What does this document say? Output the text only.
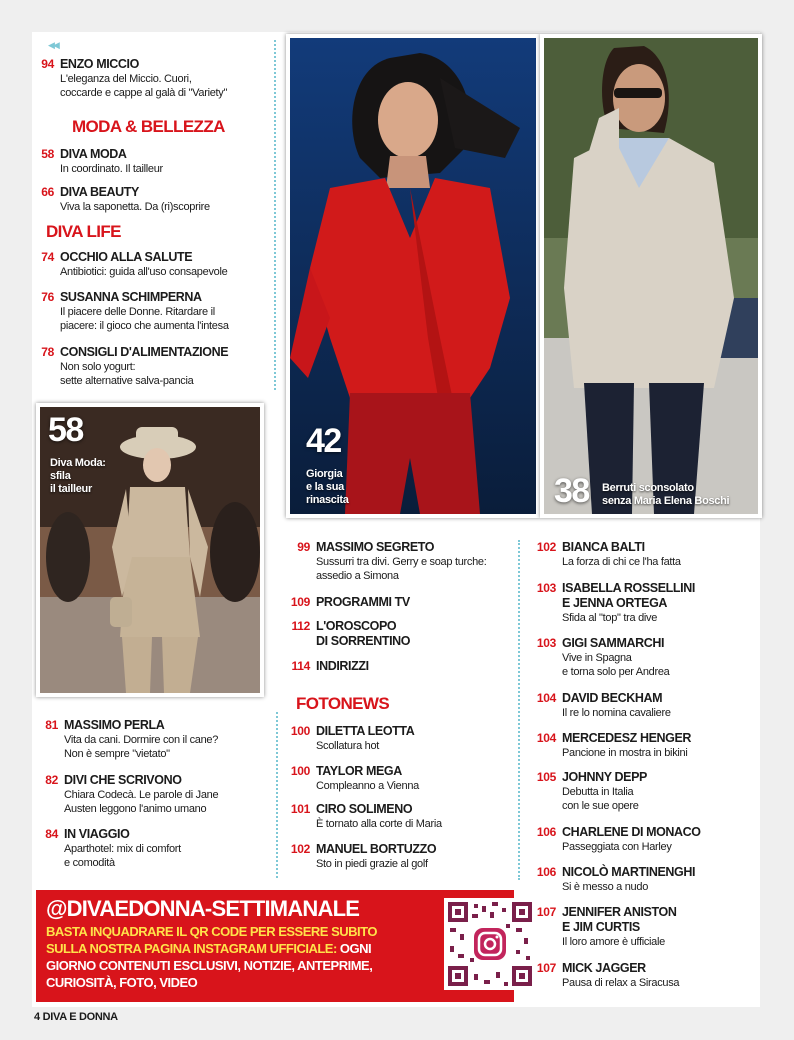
◀◀
94 ENZO MICCIO
L'eleganza del Miccio. Cuori,
coccarde e cappe al galà di "Variety"
MODA & BELLEZZA
58 DIVA MODA
In coordinato. Il tailleur
66 DIVA BEAUTY
Viva la saponetta. Da (ri)scoprire
DIVA LIFE
74 OCCHIO ALLA SALUTE
Antibiotici: guida all'uso consapevole
76 SUSANNA SCHIMPERNA
Il piacere delle Donne. Ritardare il
piacere: il gioco che aumenta l'intesa
78 CONSIGLI D'ALIMENTAZIONE
Non solo yogurt:
sette alternative salva-pancia
58
Diva Moda:
sfila
il tailleur
42
Giorgia
e la sua
rinascita	38 Berruti sconsolato
senza Maria Elena Boschi
81 MASSIMO PERLA
Vita da cani. Dormire con il cane?
Non è sempre "vietato"
82 DIVI CHE SCRIVONO
Chiara Codecà. Le parole di Jane
Austen leggono l'animo umano
84 IN VIAGGIO
Aparthotel: mix di comfort
e comodità
99 MASSIMO SEGRETO
Sussurri tra divi. Gerry e soap turche:
assedio a Simona
109 PROGRAMMI TV
112 L'OROSCOPO
DI SORRENTINO
114 INDIRIZZI
FOTONEWS
100 DILETTA LEOTTA
Scollatura hot
100 TAYLOR MEGA
Compleanno a Vienna
101 CIRO SOLIMENO
È tornato alla corte di Maria
102 MANUEL BORTUZZO
Sto in piedi grazie al golf
102 BIANCA BALTI
La forza di chi ce l'ha fatta
103 ISABELLA ROSSELLINI
E JENNA ORTEGA
Sfida al "top" tra dive
103 GIGI SAMMARCHI
Vive in Spagna
e torna solo per Andrea
104 DAVID BECKHAM
Il re lo nomina cavaliere
104 MERCEDESZ HENGER
Pancione in mostra in bikini
105 JOHNNY DEPP
Debutta in Italia
con le sue opere
106 CHARLENE DI MONACO
Passeggiata con Harley
106 NICOLÒ MARTINENGHI
Si è messo a nudo
107 JENNIFER ANISTON
E JIM CURTIS
Il loro amore è ufficiale
107 MICK JAGGER
Pausa di relax a Siracusa
@DIVAEDONNA-SETTIMANALE
BASTA INQUADRARE IL QR CODE PER ESSERE SUBITO
SULLA NOSTRA PAGINA INSTAGRAM UFFICIALE: OGNI
GIORNO CONTENUTI ESCLUSIVI, NOTIZIE, ANTEPRIME,
CURIOSITÀ, FOTO, VIDEO
4 DIVA E DONNA
